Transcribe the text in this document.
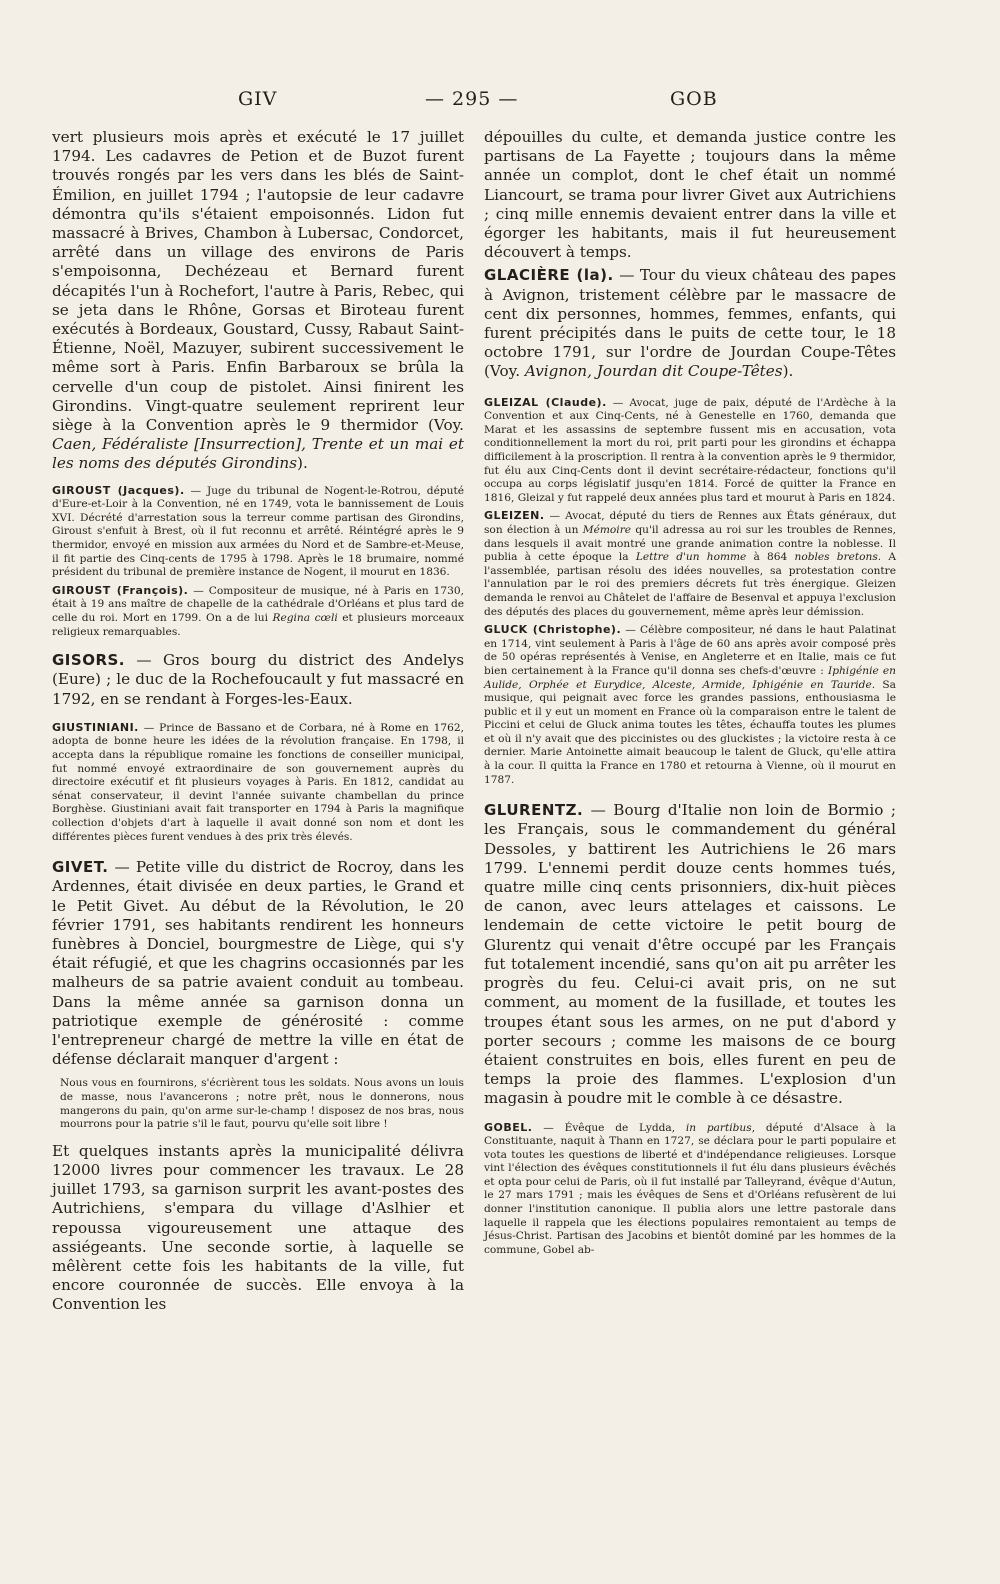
GIV	— 295 —	GOB

vert plusieurs mois après et exécuté le 17 juillet 1794. Les cadavres de Petion et de Buzot furent trouvés rongés par les vers dans les blés de Saint-Émilion, en juillet 1794 ; l'autopsie de leur cadavre démontra qu'ils s'étaient empoisonnés. Lidon fut massacré à Brives, Chambon à Lubersac, Condorcet, arrêté dans un village des environs de Paris s'empoisonna, Dechézeau et Bernard furent décapités l'un à Rochefort, l'autre à Paris, Rebec, qui se jeta dans le Rhône, Gorsas et Biroteau furent exécutés à Bordeaux, Goustard, Cussy, Rabaut Saint-Étienne, Noël, Mazuyer, subirent successivement le même sort à Paris. Enfin Barbaroux se brûla la cervelle d'un coup de pistolet. Ainsi finirent les Girondins. Vingt-quatre seulement reprirent leur siège à la Convention après le 9 thermidor (Voy. Caen, Fédéraliste [Insurrection], Trente et un mai et les noms des députés Girondins).

GIROUST (Jacques). — Juge du tribunal de Nogent-le-Rotrou, député d'Eure-et-Loir à la Convention, né en 1749, vota le bannissement de Louis XVI. Décrété d'arrestation sous la terreur comme partisan des Girondins, Giroust s'enfuit à Brest, où il fut reconnu et arrêté. Réintégré après le 9 thermidor, envoyé en mission aux armées du Nord et de Sambre-et-Meuse, il fit partie des Cinq-cents de 1795 à 1798. Après le 18 brumaire, nommé président du tribunal de première instance de Nogent, il mourut en 1836.

GIROUST (François). — Compositeur de musique, né à Paris en 1730, était à 19 ans maître de chapelle de la cathédrale d'Orléans et plus tard de celle du roi. Mort en 1799. On a de lui Regina cœli et plusieurs morceaux religieux remarquables.

GISORS. — Gros bourg du district des Andelys (Eure) ; le duc de la Rochefoucault y fut massacré en 1792, en se rendant à Forges-les-Eaux.

GIUSTINIANI. — Prince de Bassano et de Corbara, né à Rome en 1762, adopta de bonne heure les idées de la révolution française. En 1798, il accepta dans la république romaine les fonctions de conseiller municipal, fut nommé envoyé extraordinaire de son gouvernement auprès du directoire exécutif et fit plusieurs voyages à Paris. En 1812, candidat au sénat conservateur, il devint l'année suivante chambellan du prince Borghèse. Giustiniani avait fait transporter en 1794 à Paris la magnifique collection d'objets d'art à laquelle il avait donné son nom et dont les différentes pièces furent vendues à des prix très élevés.

GIVET. — Petite ville du district de Rocroy, dans les Ardennes, était divisée en deux parties, le Grand et le Petit Givet. Au début de la Révolution, le 20 février 1791, ses habitants rendirent les honneurs funèbres à Donciel, bourgmestre de Liège, qui s'y était réfugié, et que les chagrins occasionnés par les malheurs de sa patrie avaient conduit au tombeau. Dans la même année sa garnison donna un patriotique exemple de générosité : comme l'entrepreneur chargé de mettre la ville en état de défense déclarait manquer d'argent :

Nous vous en fournirons, s'écrièrent tous les soldats. Nous avons un louis de masse, nous l'avancerons ; notre prêt, nous le donnerons, nous mangerons du pain, qu'on arme sur-le-champ ! disposez de nos bras, nous mourrons pour la patrie s'il le faut, pourvu qu'elle soit libre !

Et quelques instants après la municipalité délivra 12000 livres pour commencer les travaux. Le 28 juillet 1793, sa garnison surprit les avant-postes des Autrichiens, s'empara du village d'Aslhier et repoussa vigoureusement une attaque des assiégeants. Une seconde sortie, à laquelle se mêlèrent cette fois les habitants de la ville, fut encore couronnée de succès. Elle envoya à la Convention les

dépouilles du culte, et demanda justice contre les partisans de La Fayette ; toujours dans la même année un complot, dont le chef était un nommé Liancourt, se trama pour livrer Givet aux Autrichiens ; cinq mille ennemis devaient entrer dans la ville et égorger les habitants, mais il fut heureusement découvert à temps.

GLACIÈRE (la). — Tour du vieux château des papes à Avignon, tristement célèbre par le massacre de cent dix personnes, hommes, femmes, enfants, qui furent précipités dans le puits de cette tour, le 18 octobre 1791, sur l'ordre de Jourdan Coupe-Têtes (Voy. Avignon, Jourdan dit Coupe-Têtes).

GLEIZAL (Claude). — Avocat, juge de paix, député de l'Ardèche à la Convention et aux Cinq-Cents, né à Genestelle en 1760, demanda que Marat et les assassins de septembre fussent mis en accusation, vota conditionnellement la mort du roi, prit parti pour les girondins et échappa difficilement à la proscription. Il rentra à la convention après le 9 thermidor, fut élu aux Cinq-Cents dont il devint secrétaire-rédacteur, fonctions qu'il occupa au corps législatif jusqu'en 1814. Forcé de quitter la France en 1816, Gleizal y fut rappelé deux années plus tard et mourut à Paris en 1824.

GLEIZEN. — Avocat, député du tiers de Rennes aux États généraux, dut son élection à un Mémoire qu'il adressa au roi sur les troubles de Rennes, dans lesquels il avait montré une grande animation contre la noblesse. Il publia à cette époque la Lettre d'un homme à 864 nobles bretons. A l'assemblée, partisan résolu des idées nouvelles, sa protestation contre l'annulation par le roi des premiers décrets fut très énergique. Gleizen demanda le renvoi au Châtelet de l'affaire de Besenval et appuya l'exclusion des députés des places du gouvernement, même après leur démission.

GLUCK (Christophe). — Célèbre compositeur, né dans le haut Palatinat en 1714, vint seulement à Paris à l'âge de 60 ans après avoir composé près de 50 opéras représentés à Venise, en Angleterre et en Italie, mais ce fut bien certainement à la France qu'il donna ses chefs-d'œuvre : Iphigénie en Aulide, Orphée et Eurydice, Alceste, Armide, Iphigénie en Tauride. Sa musique, qui peignait avec force les grandes passions, enthousiasma le public et il y eut un moment en France où la comparaison entre le talent de Piccini et celui de Gluck anima toutes les têtes, échauffa toutes les plumes et où il n'y avait que des piccinistes ou des gluckistes ; la victoire resta à ce dernier. Marie Antoinette aimait beaucoup le talent de Gluck, qu'elle attira à la cour. Il quitta la France en 1780 et retourna à Vienne, où il mourut en 1787.

GLURENTZ. — Bourg d'Italie non loin de Bormio ; les Français, sous le commandement du général Dessoles, y battirent les Autrichiens le 26 mars 1799. L'ennemi perdit douze cents hommes tués, quatre mille cinq cents prisonniers, dix-huit pièces de canon, avec leurs attelages et caissons. Le lendemain de cette victoire le petit bourg de Glurentz qui venait d'être occupé par les Français fut totalement incendié, sans qu'on ait pu arrêter les progrès du feu. Celui-ci avait pris, on ne sut comment, au moment de la fusillade, et toutes les troupes étant sous les armes, on ne put d'abord y porter secours ; comme les maisons de ce bourg étaient construites en bois, elles furent en peu de temps la proie des flammes. L'explosion d'un magasin à poudre mit le comble à ce désastre.

GOBEL. — Évêque de Lydda, in partibus, député d'Alsace à la Constituante, naquit à Thann en 1727, se déclara pour le parti populaire et vota toutes les questions de liberté et d'indépendance religieuses. Lorsque vint l'élection des évêques constitutionnels il fut élu dans plusieurs évêchés et opta pour celui de Paris, où il fut installé par Talleyrand, évêque d'Autun, le 27 mars 1791 ; mais les évêques de Sens et d'Orléans refusèrent de lui donner l'institution canonique. Il publia alors une lettre pastorale dans laquelle il rappela que les élections populaires remontaient au temps de Jésus-Christ. Partisan des Jacobins et bientôt dominé par les hommes de la commune, Gobel ab-
